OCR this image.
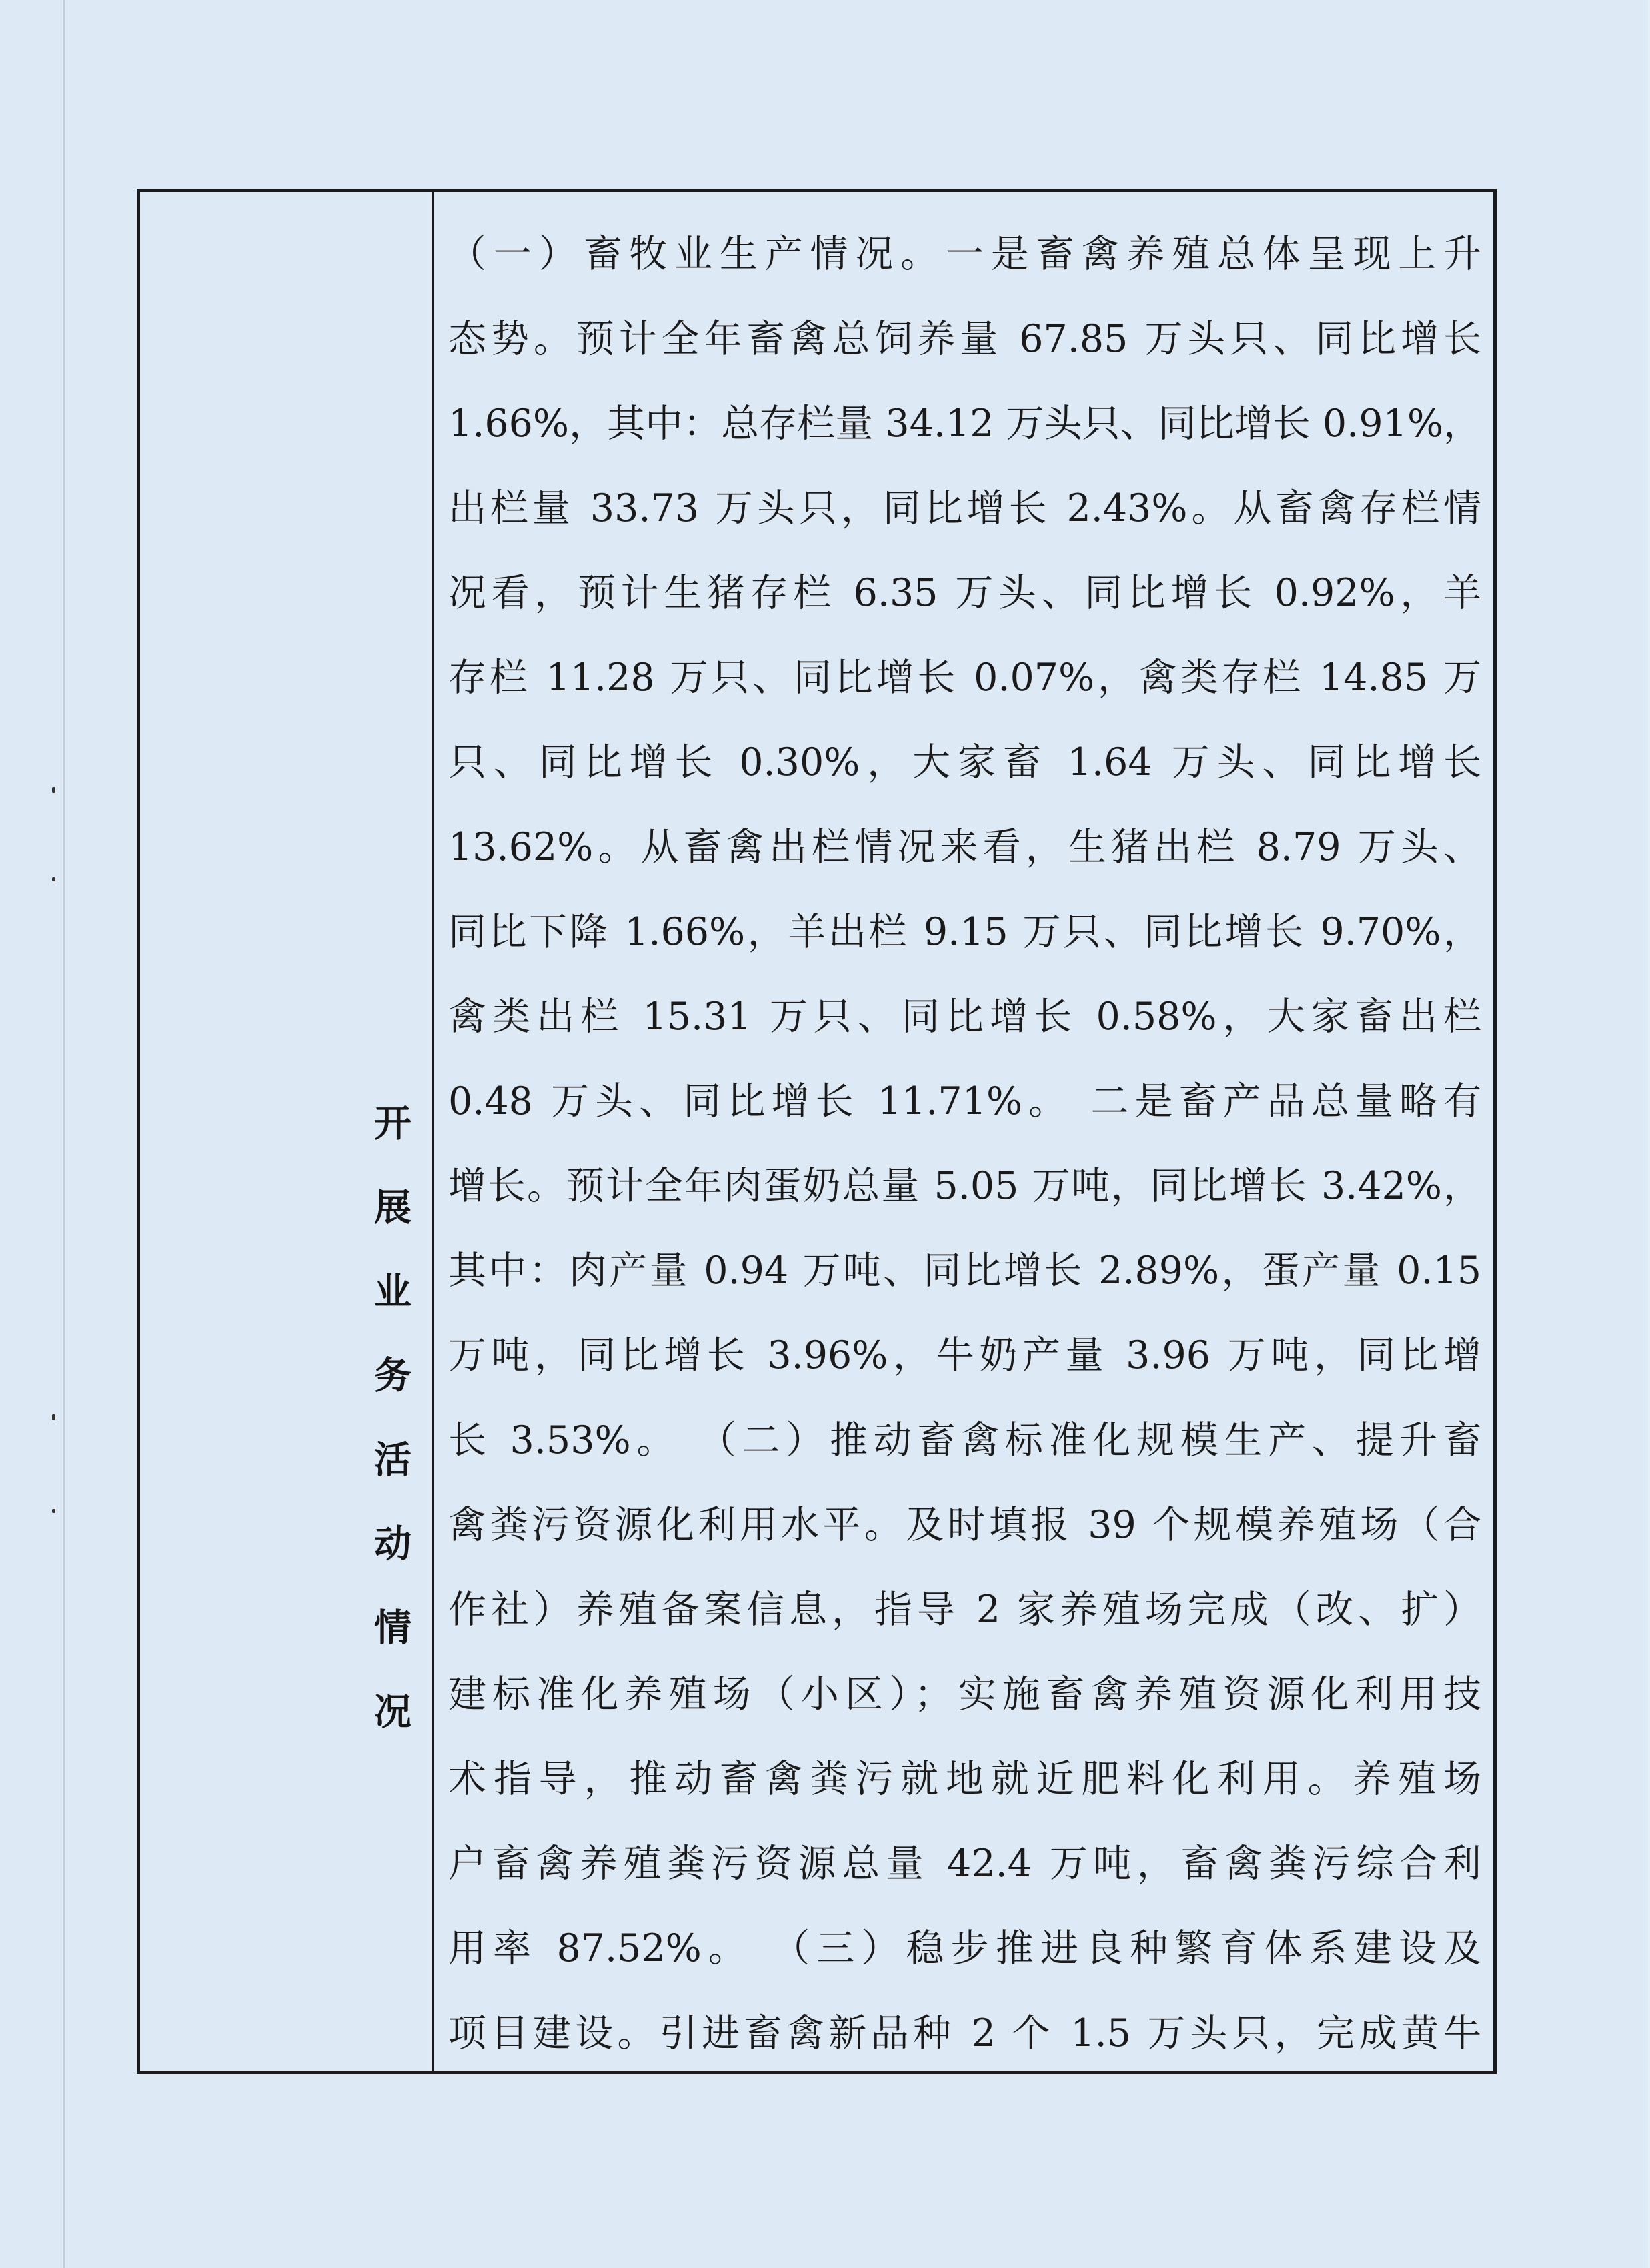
开展业务活动情况
（一）畜牧业生产情况。一是畜禽养殖总体呈现上升
态势。预计全年畜禽总饲养量 67.85 万头只、同比增长
1.66%，其中：总存栏量 34.12 万头只、同比增长 0.91%，
出栏量 33.73 万头只，同比增长 2.43%。从畜禽存栏情
况看，预计生猪存栏 6.35 万头、同比增长 0.92%，羊
存栏 11.28 万只、同比增长 0.07%，禽类存栏 14.85 万
只、同比增长 0.30%，大家畜 1.64 万头、同比增长
13.62%。从畜禽出栏情况来看，生猪出栏 8.79 万头、
同比下降 1.66%，羊出栏 9.15 万只、同比增长 9.70%，
禽类出栏 15.31 万只、同比增长 0.58%，大家畜出栏
0.48 万头、同比增长 11.71%。 二是畜产品总量略有
增长。预计全年肉蛋奶总量 5.05 万吨，同比增长 3.42%，
其中：肉产量 0.94 万吨、同比增长 2.89%，蛋产量 0.15
万吨，同比增长 3.96%，牛奶产量 3.96 万吨，同比增
长 3.53%。 （二）推动畜禽标准化规模生产、提升畜
禽粪污资源化利用水平。及时填报 39 个规模养殖场（合
作社）养殖备案信息，指导 2 家养殖场完成（改、扩）
建标准化养殖场（小区）；实施畜禽养殖资源化利用技
术指导，推动畜禽粪污就地就近肥料化利用。养殖场
户畜禽养殖粪污资源总量 42.4 万吨，畜禽粪污综合利
用率 87.52%。 （三）稳步推进良种繁育体系建设及
项目建设。引进畜禽新品种 2 个 1.5 万头只，完成黄牛
